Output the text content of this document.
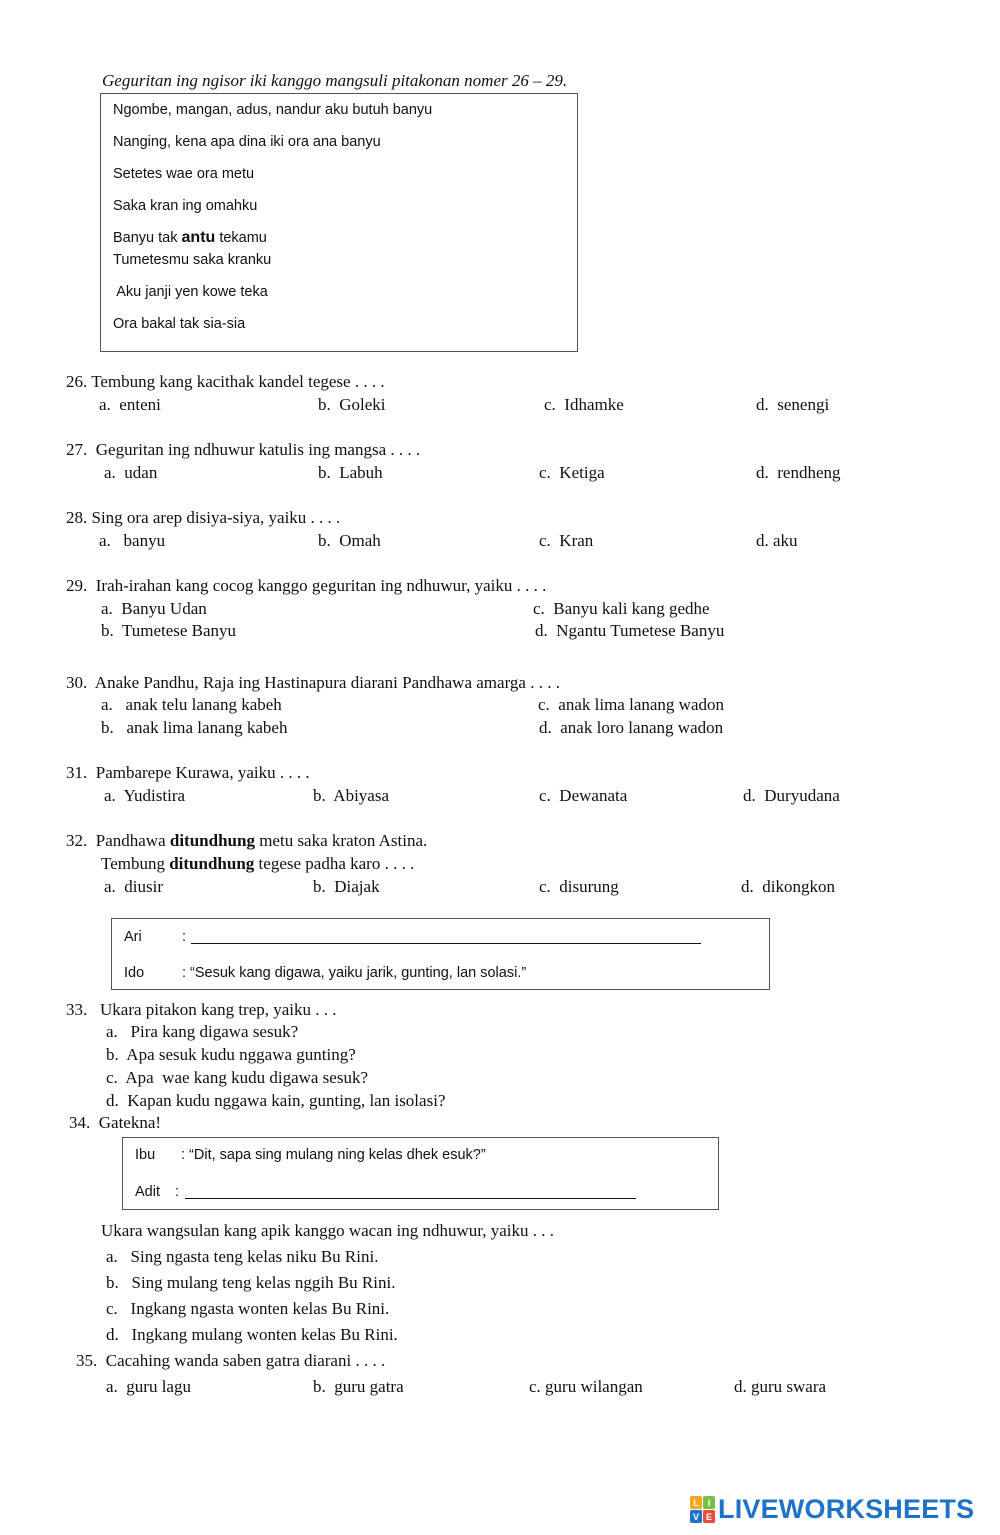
Geguritan ing ngisor iki kanggo mangsuli pitakonan nomer 26 – 29.
Ngombe, mangan, adus, nandur aku butuh banyu
Nanging, kena apa dina iki ora ana banyu
Setetes wae ora metu
Saka kran ing omahku
Banyu tak antu tekamu
Tumetesmu saka kranku
Aku janji yen kowe teka
Ora bakal tak sia-sia
26. Tembung kang kacithak kandel tegese . . . .
a.  enteni	b.  Goleki	c.  Idhamke	d.  senengi
27.  Geguritan ing ndhuwur katulis ing mangsa . . . .
a.  udan	b.  Labuh	c.  Ketiga	d.  rendheng
28. Sing ora arep disiya-siya, yaiku . . . .
a.   banyu	b.  Omah	c.  Kran	d. aku
29.  Irah-irahan kang cocog kanggo geguritan ing ndhuwur, yaiku . . . .
a.  Banyu Udan	c.  Banyu kali kang gedhe
b.  Tumetese Banyu	d.  Ngantu Tumetese Banyu
30.  Anake Pandhu, Raja ing Hastinapura diarani Pandhawa amarga . . . .
a.   anak telu lanang kabeh	c.  anak lima lanang wadon
b.   anak lima lanang kabeh	d.  anak loro lanang wadon
31.  Pambarepe Kurawa, yaiku . . . .
a.  Yudistira	b.  Abiyasa	c.  Dewanata	d.  Duryudana
32.  Pandhawa ditundhung metu saka kraton Astina.
Tembung ditundhung tegese padha karo . . . .
a.  diusir	b.  Diajak	c.  disurung	d.  dikongkon
Ari	:
Ido	: “Sesuk kang digawa, yaiku jarik, gunting, lan solasi.”
33.   Ukara pitakon kang trep, yaiku . . .
a.   Pira kang digawa sesuk?
b.  Apa sesuk kudu nggawa gunting?
c.  Apa  wae kang kudu digawa sesuk?
d.  Kapan kudu nggawa kain, gunting, lan isolasi?
34.  Gatekna!
Ibu : “Dit, sapa sing mulang ning kelas dhek esuk?”
Adit :
Ukara wangsulan kang apik kanggo wacan ing ndhuwur, yaiku . . .
a.   Sing ngasta teng kelas niku Bu Rini.
b.   Sing mulang teng kelas nggih Bu Rini.
c.   Ingkang ngasta wonten kelas Bu Rini.
d.   Ingkang mulang wonten kelas Bu Rini.
35.  Cacahing wanda saben gatra diarani . . . .
a.  guru lagu	b.  guru gatra	c. guru wilangan	d. guru swara
L I
V E LIVEWORKSHEETS
